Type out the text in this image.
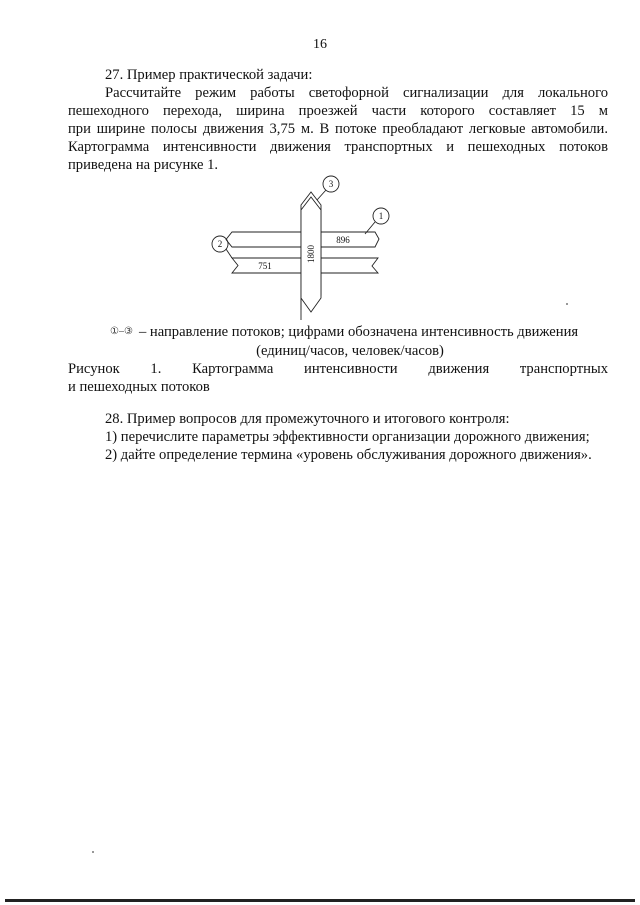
16
27. Пример практической задачи:
Рассчитайте режим работы светофорной сигнализации для локального
пешеходного перехода, ширина проезжей части которого составляет 15 м
при ширине полосы движения 3,75 м. В потоке преобладают легковые автомобили.
Картограмма интенсивности движения транспортных и пешеходных потоков
приведена на рисунке 1.
1
2
3
896
751
1800
①–③ – направление потоков; цифрами обозначена интенсивность движения
(единиц/часов, человек/часов)
Рисунок 1. Картограмма интенсивности движения транспортных
и пешеходных потоков
28. Пример вопросов для промежуточного и итогового контроля:
1) перечислите параметры эффективности организации дорожного движения;
2) дайте определение термина «уровень обслуживания дорожного движения».
